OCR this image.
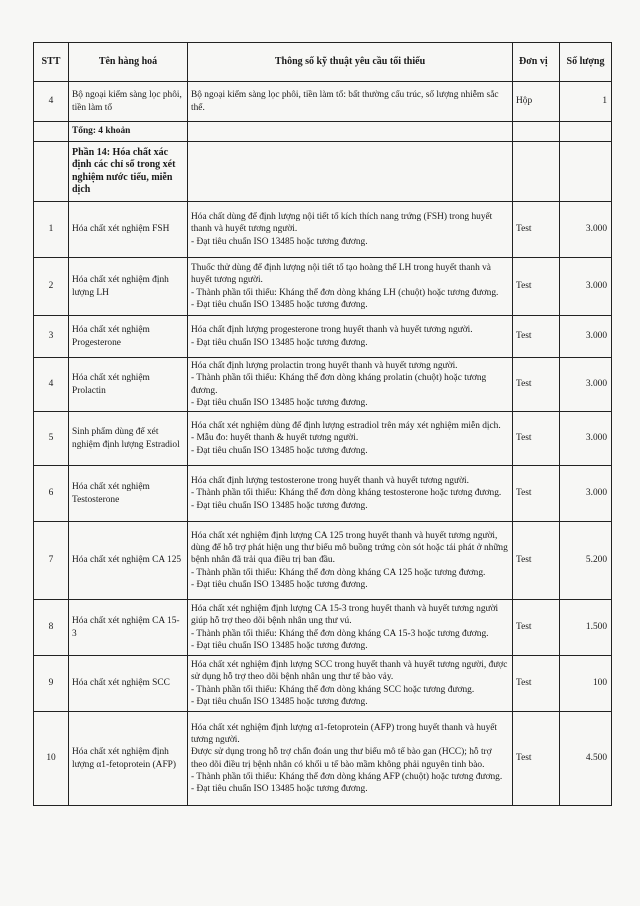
STT	Tên hàng hoá	Thông số kỹ thuật yêu cầu tối thiểu	Đơn vị	Số lượng
4	Bộ ngoại kiểm sàng lọc phôi, tiền làm tổ	Bộ ngoại kiểm sàng lọc phôi, tiền làm tổ: bất thường cấu trúc, số lượng nhiễm sắc thể.	Hộp	1
	Tổng: 4 khoản			
	Phần 14: Hóa chất xác định các chỉ số trong xét nghiệm nước tiểu, miễn dịch			
1	Hóa chất xét nghiệm FSH	Hóa chất dùng để định lượng nội tiết tố kích thích nang trứng (FSH) trong huyết thanh và huyết tương người.
- Đạt tiêu chuẩn ISO 13485 hoặc tương đương.	Test	3.000
2	Hóa chất xét nghiệm định lượng LH	Thuốc thử dùng để định lượng nội tiết tố tạo hoàng thể LH trong huyết thanh và huyết tương người.
- Thành phần tối thiểu: Kháng thể đơn dòng kháng LH (chuột) hoặc tương đương.
- Đạt tiêu chuẩn ISO 13485 hoặc tương đương.	Test	3.000
3	Hóa chất xét nghiệm Progesterone	Hóa chất định lượng progesterone trong huyết thanh và huyết tương người.
- Đạt tiêu chuẩn ISO 13485 hoặc tương đương.	Test	3.000
4	Hóa chất xét nghiệm Prolactin	Hóa chất định lượng prolactin trong huyết thanh và huyết tương người.
- Thành phần tối thiểu: Kháng thể đơn dòng kháng prolatin (chuột) hoặc tương đương.
- Đạt tiêu chuẩn ISO 13485 hoặc tương đương.	Test	3.000
5	Sinh phẩm dùng để xét nghiệm định lượng Estradiol	Hóa chất xét nghiệm dùng để định lượng estradiol trên máy xét nghiệm miễn dịch.
- Mẫu đo: huyết thanh & huyết tương người.
- Đạt tiêu chuẩn ISO 13485 hoặc tương đương.	Test	3.000
6	Hóa chất xét nghiệm Testosterone	Hóa chất định lượng testosterone trong huyết thanh và huyết tương người.
- Thành phần tối thiểu: Kháng thể đơn dòng kháng testosterone hoặc tương đương.
- Đạt tiêu chuẩn ISO 13485 hoặc tương đương.	Test	3.000
7	Hóa chất xét nghiệm CA 125	Hóa chất xét nghiệm định lượng CA 125 trong huyết thanh và huyết tương người, dùng để hỗ trợ phát hiện ung thư biểu mô buồng trứng còn sót hoặc tái phát ở những bệnh nhân đã trải qua điều trị ban đầu.
- Thành phần tối thiểu: Kháng thể đơn dòng kháng CA 125 hoặc tương đương.
- Đạt tiêu chuẩn ISO 13485 hoặc tương đương.	Test	5.200
8	Hóa chất xét nghiệm CA 15-3	Hóa chất xét nghiệm định lượng CA 15-3 trong huyết thanh và huyết tương người giúp hỗ trợ theo dõi bệnh nhân ung thư vú.
- Thành phần tối thiểu: Kháng thể đơn dòng kháng CA 15-3 hoặc tương đương.
- Đạt tiêu chuẩn ISO 13485 hoặc tương đương.	Test	1.500
9	Hóa chất xét nghiệm SCC	Hóa chất xét nghiệm định lượng SCC trong huyết thanh và huyết tương người, được sử dụng hỗ trợ theo dõi bệnh nhân ung thư tế bào vảy.
- Thành phần tối thiểu: Kháng thể đơn dòng kháng SCC hoặc tương đương.
- Đạt tiêu chuẩn ISO 13485 hoặc tương đương.	Test	100
10	Hóa chất xét nghiệm định lượng α1-fetoprotein (AFP)	Hóa chất xét nghiệm định lượng α1-fetoprotein (AFP) trong huyết thanh và huyết tương người.
Được sử dụng trong hỗ trợ chẩn đoán ung thư biểu mô tế bào gan (HCC); hỗ trợ theo dõi điều trị bệnh nhân có khối u tế bào mầm không phải nguyên tinh bào.
- Thành phần tối thiểu: Kháng thể đơn dòng kháng AFP (chuột) hoặc tương đương.
- Đạt tiêu chuẩn ISO 13485 hoặc tương đương.	Test	4.500
